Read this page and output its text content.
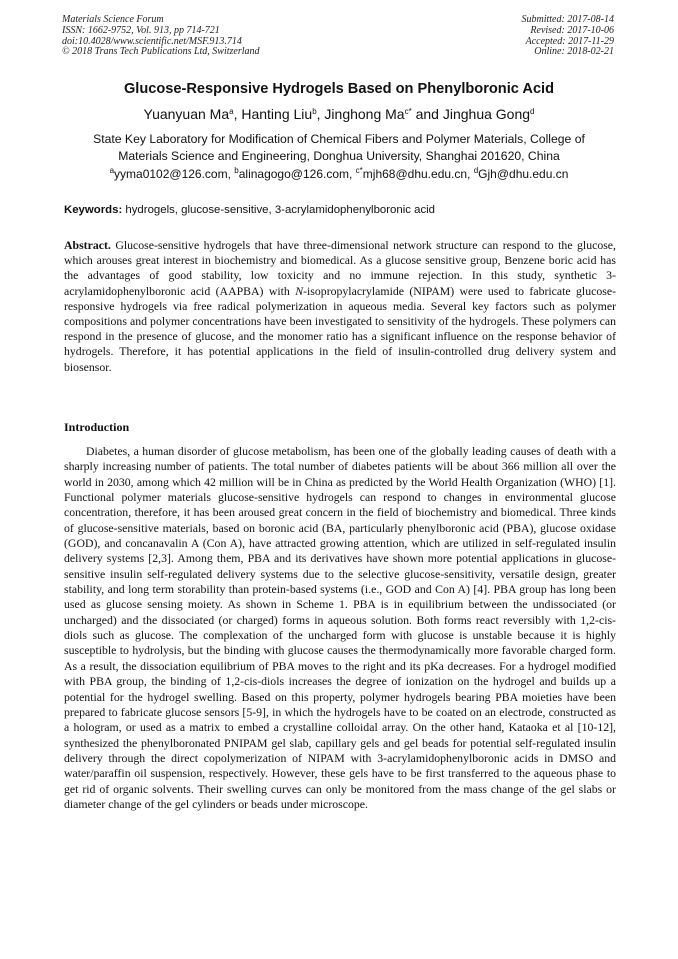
Materials Science Forum
ISSN: 1662-9752, Vol. 913, pp 714-721
doi:10.4028/www.scientific.net/MSF.913.714
© 2018 Trans Tech Publications Ltd, Switzerland
Submitted: 2017-08-14
Revised: 2017-10-06
Accepted: 2017-11-29
Online: 2018-02-21
Glucose-Responsive Hydrogels Based on Phenylboronic Acid
Yuanyuan Ma$^a$, Hanting Liu$^b$, Jinghong $Ma^{c*}$ and Jinghua Gong$^d$
State Key Laboratory for Modification of Chemical Fibers and Polymer Materials, College of Materials Science and Engineering, Donghua University, Shanghai 201620, China
$^a$yyma0102@126.com, $^b$alinagogo@126.com, $^{c*}$mjh68@dhu.edu.cn, $^d$Gjh@dhu.edu.cn
Keywords: hydrogels, glucose-sensitive, 3-acrylamidophenylboronic acid
Abstract. Glucose-sensitive hydrogels that have three-dimensional network structure can respond to the glucose, which arouses great interest in biochemistry and biomedical. As a glucose sensitive group, Benzene boric acid has the advantages of good stability, low toxicity and no immune rejection. In this study, synthetic 3-acrylamidophenylboronic acid (AAPBA) with N-isopropylacrylamide (NIPAM) were used to fabricate glucose-responsive hydrogels via free radical polymerization in aqueous media. Several key factors such as polymer compositions and polymer concentrations have been investigated to sensitivity of the hydrogels. These polymers can respond in the presence of glucose, and the monomer ratio has a significant influence on the response behavior of hydrogels. Therefore, it has potential applications in the field of insulin-controlled drug delivery system and biosensor.
Introduction
Diabetes, a human disorder of glucose metabolism, has been one of the globally leading causes of death with a sharply increasing number of patients. The total number of diabetes patients will be about 366 million all over the world in 2030, among which 42 million will be in China as predicted by the World Health Organization (WHO) [1]. Functional polymer materials glucose-sensitive hydrogels can respond to changes in environmental glucose concentration, therefore, it has been aroused great concern in the field of biochemistry and biomedical. Three kinds of glucose-sensitive materials, based on boronic acid (BA, particularly phenylboronic acid (PBA), glucose oxidase (GOD), and concanavalin A (Con A), have attracted growing attention, which are utilized in self-regulated insulin delivery systems [2,3]. Among them, PBA and its derivatives have shown more potential applications in glucose-sensitive insulin self-regulated delivery systems due to the selective glucose-sensitivity, versatile design, greater stability, and long term storability than protein-based systems (i.e., GOD and Con A) [4]. PBA group has long been used as glucose sensing moiety. As shown in Scheme 1. PBA is in equilibrium between the undissociated (or uncharged) and the dissociated (or charged) forms in aqueous solution. Both forms react reversibly with 1,2-cis-diols such as glucose. The complexation of the uncharged form with glucose is unstable because it is highly susceptible to hydrolysis, but the binding with glucose causes the thermodynamically more favorable charged form. As a result, the dissociation equilibrium of PBA moves to the right and its pKa decreases. For a hydrogel modified with PBA group, the binding of 1,2-cis-diols increases the degree of ionization on the hydrogel and builds up a potential for the hydrogel swelling. Based on this property, polymer hydrogels bearing PBA moieties have been prepared to fabricate glucose sensors [5-9], in which the hydrogels have to be coated on an electrode, constructed as a hologram, or used as a matrix to embed a crystalline colloidal array. On the other hand, Kataoka et al [10-12], synthesized the phenylboronated PNIPAM gel slab, capillary gels and gel beads for potential self-regulated insulin delivery through the direct copolymerization of NIPAM with 3-acrylamidophenylboronic acids in DMSO and water/paraffin oil suspension, respectively. However, these gels have to be first transferred to the aqueous phase to get rid of organic solvents. Their swelling curves can only be monitored from the mass change of the gel slabs or diameter change of the gel cylinders or beads under microscope.
